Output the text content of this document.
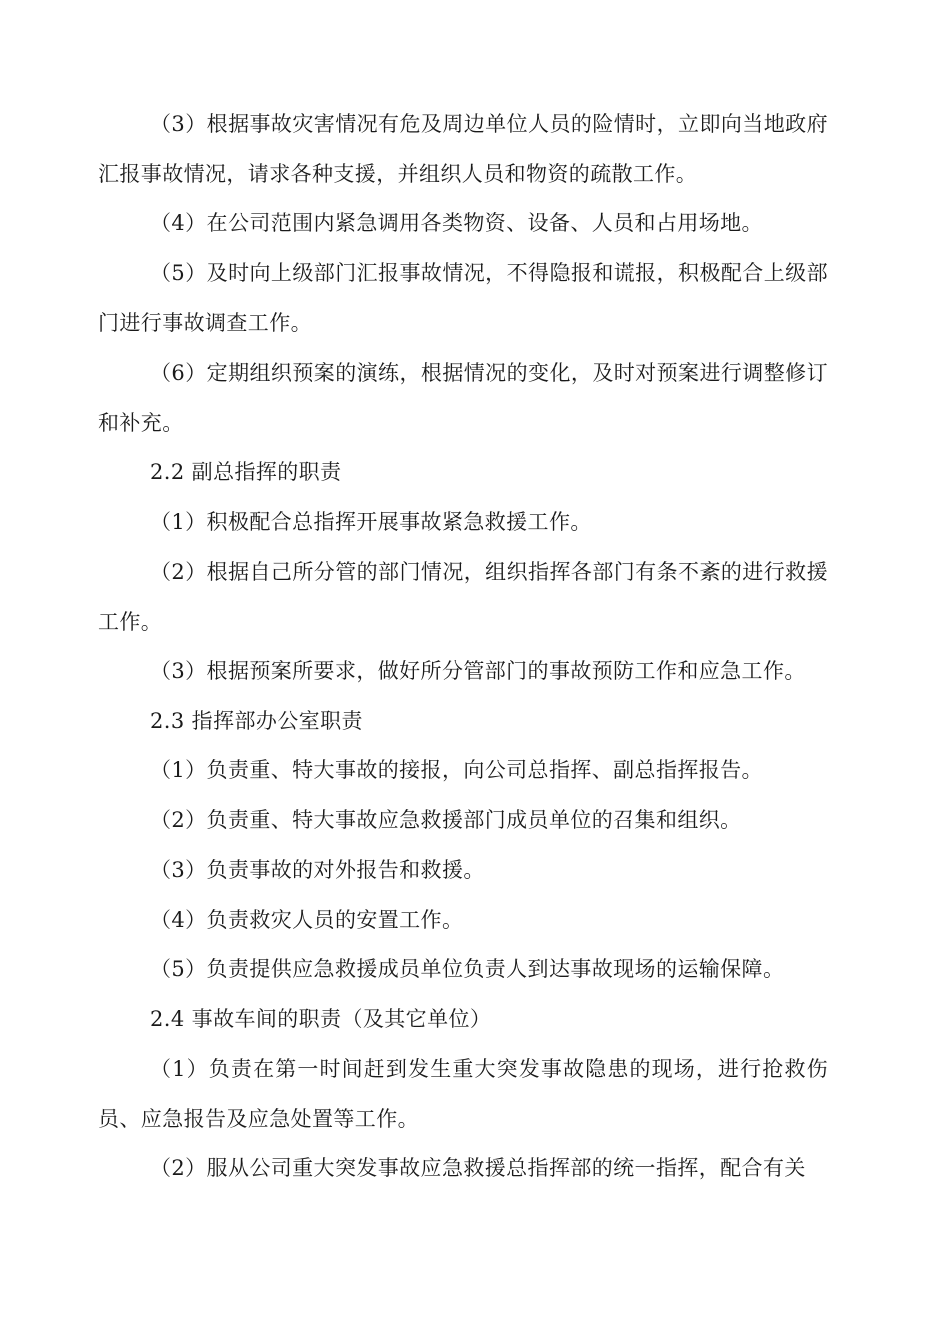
（3）根据事故灾害情况有危及周边单位人员的险情时，立即向当地政府汇报事故情况，请求各种支援，并组织人员和物资的疏散工作。

（4）在公司范围内紧急调用各类物资、设备、人员和占用场地。

（5）及时向上级部门汇报事故情况，不得隐报和谎报，积极配合上级部门进行事故调查工作。

（6）定期组织预案的演练，根据情况的变化，及时对预案进行调整修订和补充。

2.2 副总指挥的职责

（1）积极配合总指挥开展事故紧急救援工作。

（2）根据自己所分管的部门情况，组织指挥各部门有条不紊的进行救援工作。

（3）根据预案所要求，做好所分管部门的事故预防工作和应急工作。

2.3 指挥部办公室职责

（1）负责重、特大事故的接报，向公司总指挥、副总指挥报告。

（2）负责重、特大事故应急救援部门成员单位的召集和组织。

（3）负责事故的对外报告和救援。

（4）负责救灾人员的安置工作。

（5）负责提供应急救援成员单位负责人到达事故现场的运输保障。

2.4 事故车间的职责（及其它单位）

（1）负责在第一时间赶到发生重大突发事故隐患的现场，进行抢救伤员、应急报告及应急处置等工作。

（2）服从公司重大突发事故应急救援总指挥部的统一指挥，配合有关
